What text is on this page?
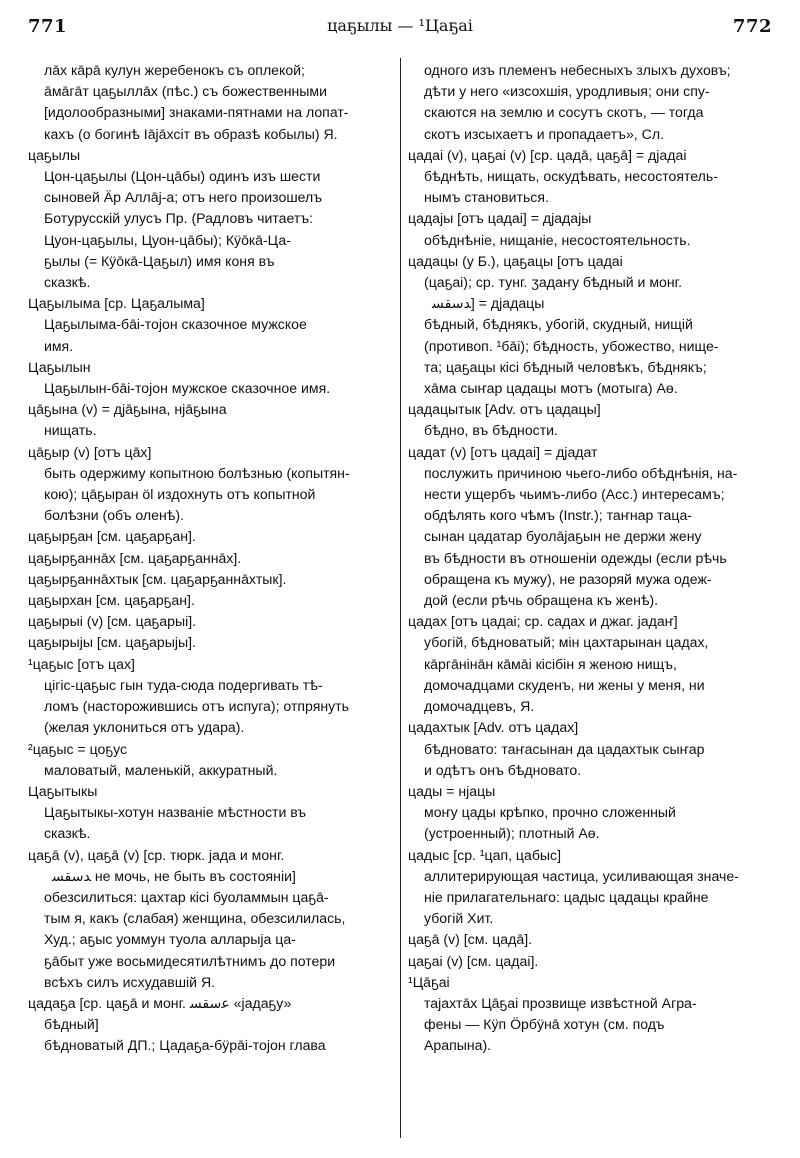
771	цаҕылы — ¹Цаҕаі	772
лāх кāрā кулун жеребенокъ съ оплекой;
āмāгāт цаҕыллāх (пѣс.) съ божественными
[идолообразными] знаками-пятнами на лопат-
кахъ (о богинѣ Іāјāхсіт въ образѣ кобылы) Я.
цаҕылы
Цон-цаҕылы (Цон-цāбы) одинъ изъ шести
сыновей Ӓр Аллāј-а; отъ него произошелъ
Ботурусскій улусъ Пр. (Радловъ читаетъ:
Цуон-цаҕылы, Цуон-цāбы); Кӱōкā-Ца-
ҕылы (= Кӱōкā-Цаҕыл) имя коня въ
сказкѣ.
Цаҕылыма [ср. Цаҕалыма]
Цаҕылыма-бāі-тојон сказочное мужское
имя.
Цаҕылын
Цаҕылын-бāі-тојон мужское сказочное имя.
цāҕына (v) = дјāҕына, нјāҕына
нищать.
цāҕыр (v) [отъ цāх]
быть одержиму копытною болѣзнью (копытян-
кою); цāҕыран öl издохнуть отъ копытной
болѣзни (объ оленѣ).
цаҕырҕан [см. цаҕарҕан].
цаҕырҕаннāх [см. цаҕарҕаннāх].
цаҕырҕаннāхтык [см. цаҕарҕаннāхтык].
цаҕырхан [см. цаҕарҕан].
цаҕырыі (v) [см. цаҕарыі].
цаҕырыјы [см. цаҕарыјы].
¹цаҕыс [отъ цах]
цігіс-цаҕыс гын туда-сюда подергивать тѣ-
ломъ (насторожившись отъ испуга); отпрянуть
(желая уклониться отъ удара).
²цаҕыс = цоҕус
маловатый, маленькій, аккуратный.
Цаҕытыкы
Цаҕытыкы-хотун названіе мѣстности въ
сказкѣ.
цаҕā (v), цаҕā (v) [ср. тюрк. јада и монг.
ﺪﺳﻘﺴ не мочь, не быть въ состояніи]
обезсилиться: цахтар кісі буоламмын цаҕā-
тым я, какъ (слабая) женщина, обезсилилась,
Худ.; аҕыс уоммун туола алларыја ца-
ҕāбыт уже восьмидесятилѣтнимъ до потери
всѣхъ силъ исхудавшій Я.
цадаҕа [ср. цаҕā и монг. ﻋﺳﻘﺴ «јадаҕу»
бѣдный]
бѣдноватый ДП.; Цадаҕа-бӱрāі-тојон глава
одного изъ племенъ небесныхъ злыхъ духовъ;
дѣти у него «изсохшія, уродливыя; они спу-
скаются на землю и сосутъ скотъ, — тогда
скотъ изсыхаетъ и пропадаетъ», Сл.
цадаі (v), цаҕаі (v) [ср. цадā, цаҕā] = дјадаі
бѣднѣть, нищать, оскудѣвать, несостоятель-
нымъ становиться.
цадајы [отъ цадаі] = дјадајы
обѣднѣніе, нищаніе, несостоятельность.
цадацы (у Б.), цаҕацы [отъ цадаі
(цаҕаі); ср. тунг. ӡадаҥу бѣдный и монг.
ﺪﺳﻘﺴ] = дјадацы
бѣдный, бѣднякъ, убогій, скудный, нищій
(противоп. ¹бāі); бѣдность, убожество, нище-
та; цаҕацы кісі бѣдный человѣкъ, бѣднякъ;
хāма сыҥар цадацы мотъ (мотыга) Аө.
цадацытык [Adv. отъ цадацы]
бѣдно, въ бѣдности.
цадат (v) [отъ цадаі] = дјадат
послужить причиною чьего-либо обѣднѣнія, на-
нести ущербъ чьимъ-либо (Acc.) интересамъ;
обдѣлять кого чѣмъ (Instr.); таҥнар таца-
сынан цадатар буолāјаҕын не держи жену
въ бѣдности въ отношеніи одежды (если рѣчь
обращена къ мужу), не разоряй мужа одеж-
дой (если рѣчь обращена къ женѣ).
цадах [отъ цадаі; ср. садах и джаг. јадаҥ]
убогій, бѣдноватый; мін цахтарынан цадах,
кāргāнінāн кāмāі кісібін я женою нищъ,
домочадцами скуденъ, ни жены у меня, ни
домочадцевъ, Я.
цадахтык [Adv. отъ цадах]
бѣдновато: таҥасынан да цадахтык сыҥар
и одѣтъ онъ бѣдновато.
цады = нјацы
моҥу цады крѣпко, прочно сложенный
(устроенный); плотный Аө.
цадыс [ср. ¹цап, цабыс]
аллитерирующая частица, усиливающая значе-
ніе прилагательнаго: цадыс цадацы крайне
убогій Хит.
цаҕā (v) [см. цадā].
цаҕаі (v) [см. цадаі].
¹Цāҕаі
тајахтāх Цāҕаі прозвище извѣстной Агра-
фены — Кӱп Öрбӱнā хотун (см. подъ
Арапына).
